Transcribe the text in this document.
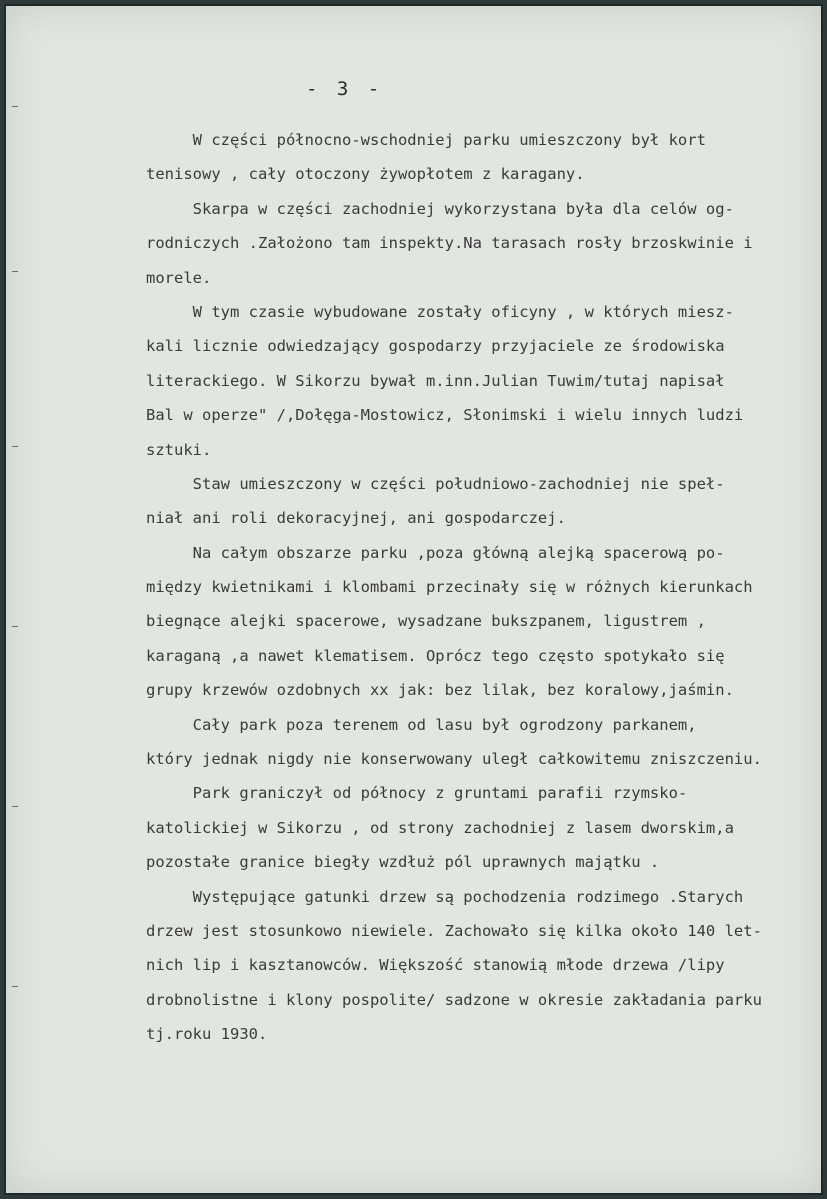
- 3 -
W części północno-wschodniej parku umieszczony był kort
tenisowy , cały otoczony żywopłotem z karagany.
Skarpa w części zachodniej wykorzystana była dla celów og-
rodniczych .Założono tam inspekty.Na tarasach rosły brzoskwinie i
morele.
W tym czasie wybudowane zostały oficyny , w których miesz-
kali licznie odwiedzający gospodarzy przyjaciele ze środowiska
literackiego. W Sikorzu bywał m.inn.Julian Tuwim/tutaj napisał
Bal w operze" /,Dołęga-Mostowicz, Słonimski i wielu innych ludzi
sztuki.
Staw umieszczony w części południowo-zachodniej nie speł-
niał ani roli dekoracyjnej, ani gospodarczej.
Na całym obszarze parku ,poza główną alejką spacerową po-
między kwietnikami i klombami przecinały się w różnych kierunkach
biegnące alejki spacerowe, wysadzane bukszpanem, ligustrem ,
karaganą ,a nawet klematisem. Oprócz tego często spotykało się
grupy krzewów ozdobnych xx jak: bez lilak, bez koralowy,jaśmin.
Cały park poza terenem od lasu był ogrodzony parkanem,
który jednak nigdy nie konserwowany uległ całkowitemu zniszczeniu.
Park graniczył od północy z gruntami parafii rzymsko-
katolickiej w Sikorzu , od strony zachodniej z lasem dworskim,a
pozostałe granice biegły wzdłuż pól uprawnych majątku .
Występujące gatunki drzew są pochodzenia rodzimego .Starych
drzew jest stosunkowo niewiele. Zachowało się kilka około 140 let-
nich lip i kasztanowców. Większość stanowią młode drzewa /lipy
drobnolistne i klony pospolite/ sadzone w okresie zakładania parku
tj.roku 1930.
